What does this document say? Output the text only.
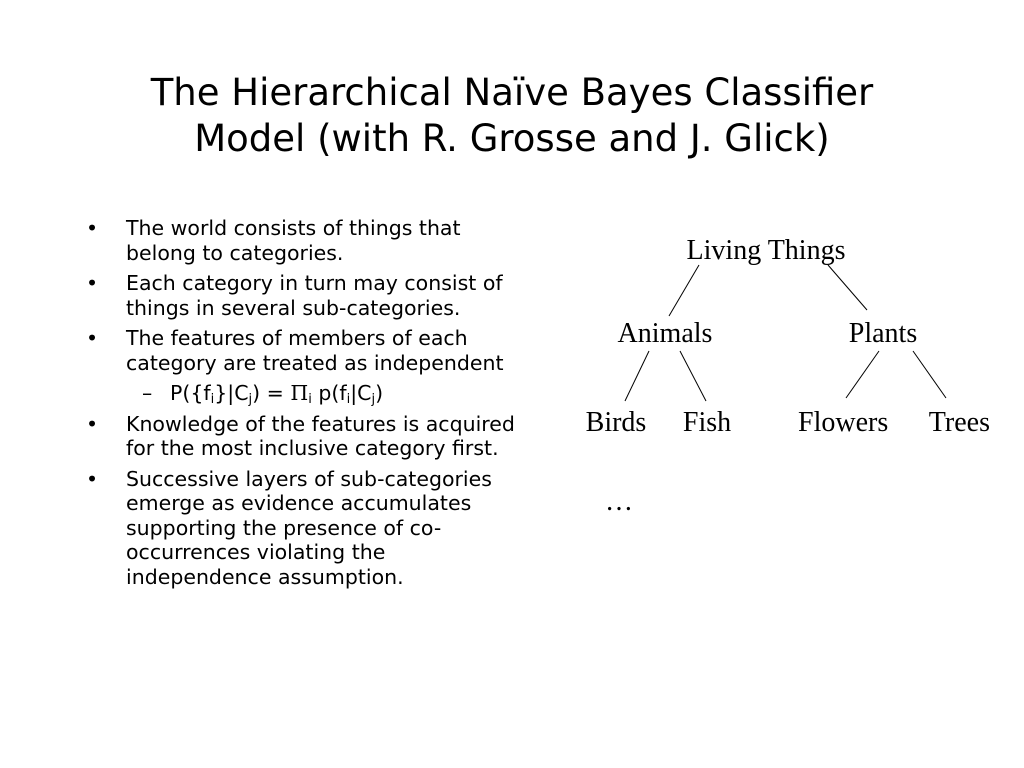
The Hierarchical Naïve Bayes Classifier
Model (with R. Grosse and J. Glick)
•	The world consists of things that belong to categories.
•	Each category in turn may consist of things in several sub-categories.
•	The features of members of each category are treated as independent
– $P(\{f_i\}|C_j) = \Pi_i$ $p(f_i|C_j)$
•	Knowledge of the features is acquired for the most inclusive category first.
•	Successive layers of sub-categories emerge as evidence accumulates supporting the presence of co-occurrences violating the independence assumption.
Living Things
Animals	Plants
Birds Fish Flowers Trees
…
